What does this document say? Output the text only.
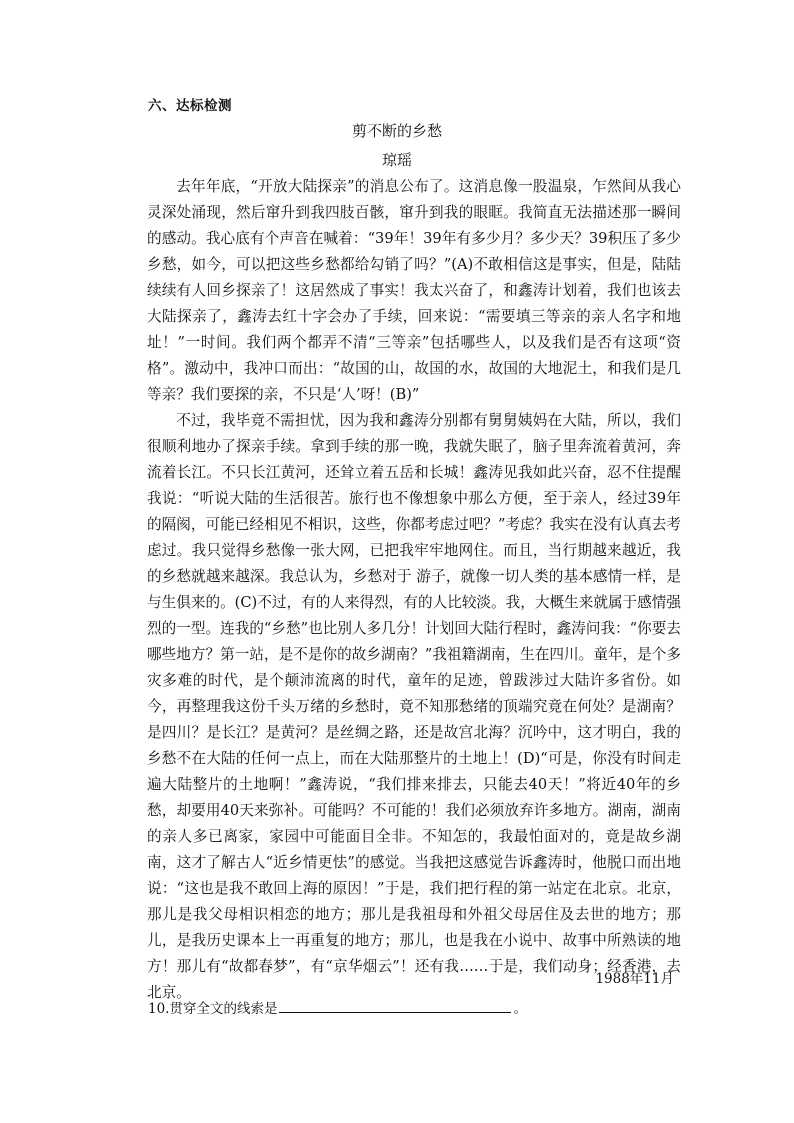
六、达标检测
剪不断的乡愁
琼瑶

去年年底，“开放大陆探亲”的消息公布了。这消息像一股温泉，乍然间从我心灵深处涌现，然后窜升到我四肢百骸，窜升到我的眼眶。我简直无法描述那一瞬间的感动。我心底有个声音在喊着：“39年！39年有多少月？多少天？39积压了多少乡愁，如今，可以把这些乡愁都给勾销了吗？”(A)不敢相信这是事实，但是，陆陆续续有人回乡探亲了！这居然成了事实！我太兴奋了，和鑫涛计划着，我们也该去大陆探亲了，鑫涛去红十字会办了手续，回来说：“需要填三等亲的亲人名字和地址！”一时间。我们两个都弄不清“三等亲”包括哪些人，以及我们是否有这项“资格”。激动中，我冲口而出：“故国的山，故国的水，故国的大地泥土，和我们是几等亲？我们要探的亲，不只是‘人’呀！(B)”

不过，我毕竟不需担忧，因为我和鑫涛分别都有舅舅姨妈在大陆，所以，我们很顺利地办了探亲手续。拿到手续的那一晚，我就失眠了，脑子里奔流着黄河，奔流着长江。不只长江黄河，还耸立着五岳和长城！鑫涛见我如此兴奋，忍不住提醒我说：“听说大陆的生活很苦。旅行也不像想象中那么方便，至于亲人，经过39年的隔阂，可能已经相见不相识，这些，你都考虑过吧？”考虑？我实在没有认真去考虑过。我只觉得乡愁像一张大网，已把我牢牢地网住。而且，当行期越来越近，我的乡愁就越来越深。我总认为，乡愁对于 游子，就像一切人类的基本感情一样，是与生俱来的。(C)不过，有的人来得烈，有的人比较淡。我，大概生来就属于感情强烈的一型。连我的“乡愁”也比别人多几分！计划回大陆行程时，鑫涛问我：“你要去哪些地方？第一站，是不是你的故乡湖南？”我祖籍湖南，生在四川。童年，是个多灾多难的时代，是个颠沛流离的时代，童年的足迹，曾跋涉过大陆许多省份。如今，再整理我这份千头万绪的乡愁时，竟不知那愁绪的顶端究竟在何处？是湖南？是四川？是长江？是黄河？是丝绸之路，还是故宫北海？沉吟中，这才明白，我的乡愁不在大陆的任何一点上，而在大陆那整片的土地上！(D)“可是，你没有时间走遍大陆整片的土地啊！”鑫涛说，“我们排来排去，只能去40天！”将近40年的乡愁，却要用40天来弥补。可能吗？不可能的！我们必须放弃许多地方。湖南，湖南的亲人多已离家，家园中可能面目全非。不知怎的，我最怕面对的，竟是故乡湖南，这才了解古人“近乡情更怯”的感觉。当我把这感觉告诉鑫涛时，他脱口而出地说：“这也是我不敢回上海的原因！”于是，我们把行程的第一站定在北京。北京，那儿是我父母相识相恋的地方；那儿是我祖母和外祖父母居住及去世的地方；那儿，是我历史课本上一再重复的地方；那儿，也是我在小说中、故事中所熟读的地方！那儿有“故都春梦”，有“京华烟云”！还有我……于是，我们动身；经香港，去北京。

1988年11月
10.贯穿全文的线索是	。
